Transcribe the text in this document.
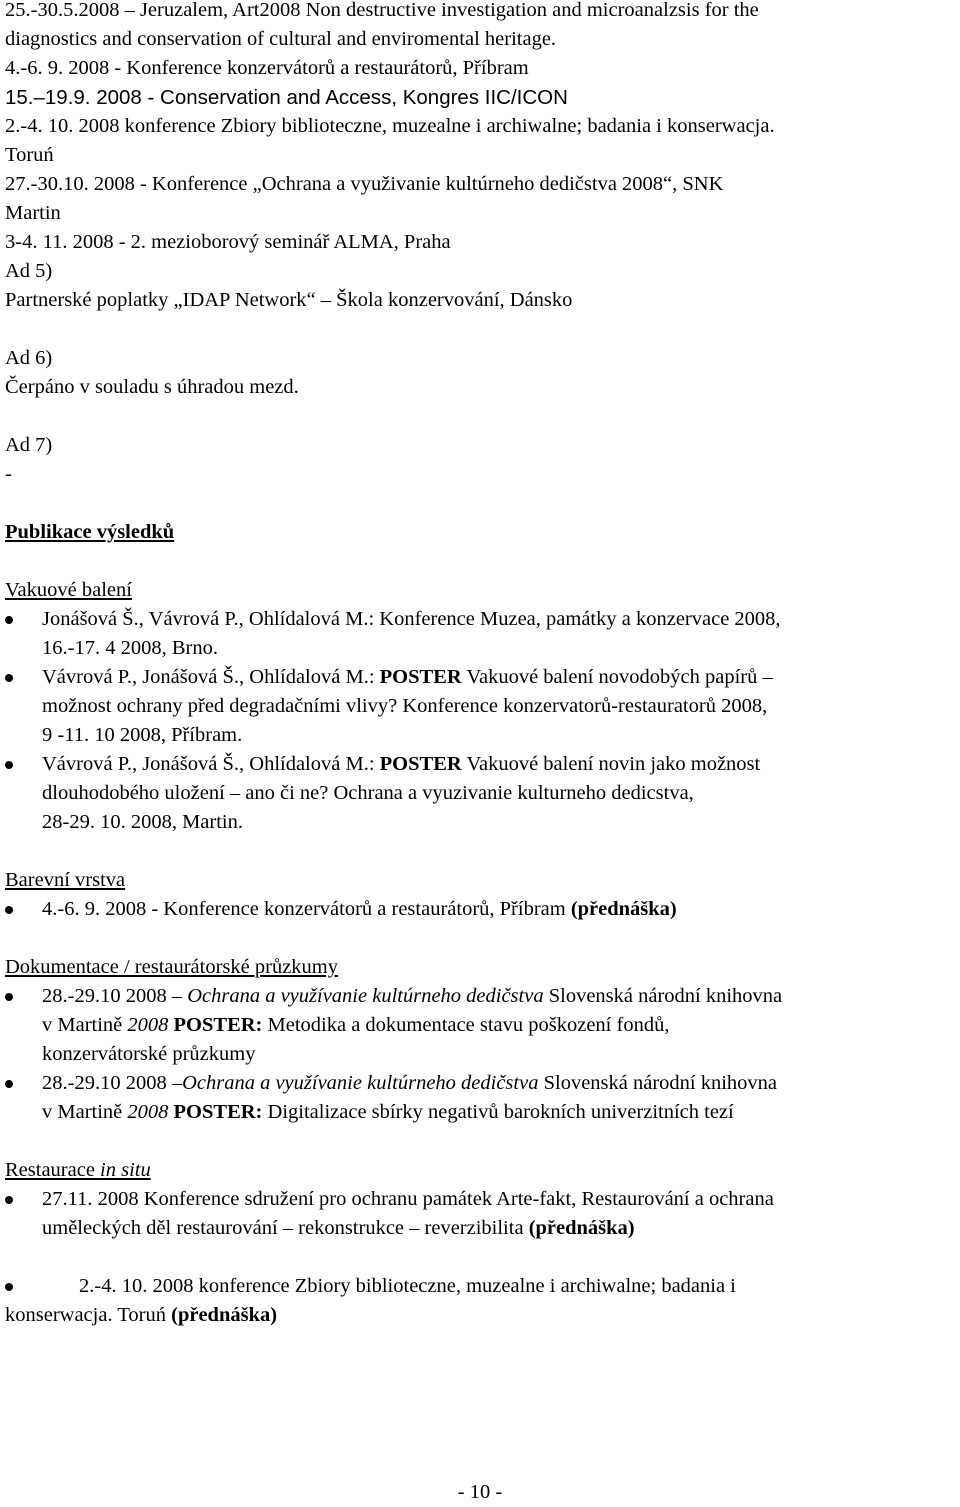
25.-30.5.2008 – Jeruzalem, Art2008 Non destructive investigation and microanalzsis for the

diagnostics and conservation of cultural and enviromental heritage.

4.-6. 9. 2008 - Konference konzervátorů a restaurátorů, Příbram

15.–19.9. 2008 - Conservation and Access, Kongres IIC/ICON

2.-4. 10. 2008 konference Zbiory biblioteczne, muzealne i archiwalne; badania i konserwacja.

Toruń

27.-30.10. 2008 - Konference „Ochrana a využivanie kultúrneho dedičstva 2008“, SNK

Martin

3-4. 11. 2008 - 2. mezioborový seminář ALMA, Praha

Ad 5)

Partnerské poplatky „IDAP Network“ – Škola konzervování, Dánsko

Ad 6)

Čerpáno v souladu s úhradou mezd.

Ad 7)

-

Publikace výsledků

Vakuové balení

Jonášová Š., Vávrová P., Ohlídalová M.: Konference Muzea, památky a konzervace 2008,
16.-17. 4 2008, Brno.
Vávrová P., Jonášová Š., Ohlídalová M.: POSTER Vakuové balení novodobých papírů –
možnost ochrany před degradačními vlivy? Konference konzervatorů-restauratorů 2008,
9 -11. 10 2008, Příbram.
Vávrová P., Jonášová Š., Ohlídalová M.: POSTER Vakuové balení novin jako možnost
dlouhodobého uložení – ano či ne? Ochrana a vyuzivanie kulturneho dedicstva,
28-29. 10. 2008, Martin.

Barevní vrstva

4.-6. 9. 2008 - Konference konzervátorů a restaurátorů, Příbram (přednáška)

Dokumentace / restaurátorské průzkumy

28.-29.10 2008 – Ochrana a využívanie kultúrneho dedičstva Slovenská národní knihovna
v Martině 2008 POSTER: Metodika a dokumentace stavu poškození fondů,
konzervátorské průzkumy
28.-29.10 2008 –Ochrana a využívanie kultúrneho dedičstva Slovenská národní knihovna
v Martině 2008 POSTER: Digitalizace sbírky negativů barokních univerzitních tezí

Restaurace in situ

27.11. 2008 Konference sdružení pro ochranu památek Arte-fakt, Restaurování a ochrana
uměleckých děl restaurování – rekonstrukce – reverzibilita (přednáška)
2.-4. 10. 2008 konference Zbiory biblioteczne, muzealne i archiwalne; badania i
konserwacja. Toruń (přednáška)
- 10 -
